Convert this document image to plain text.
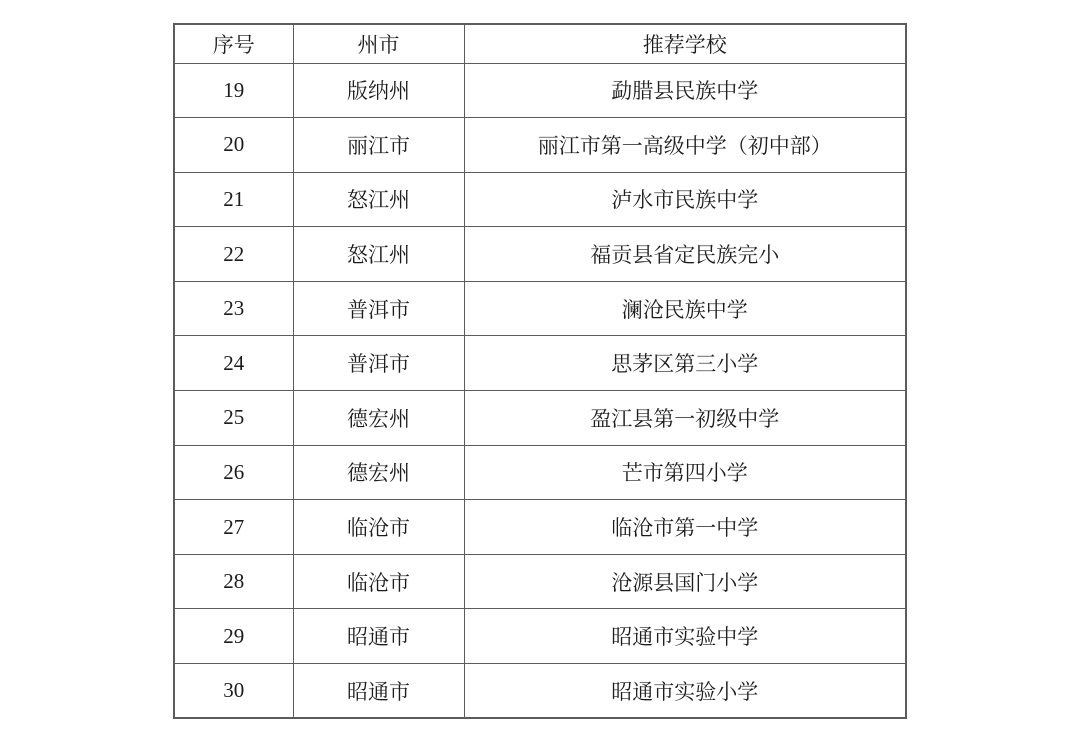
序号	州市	推荐学校
19	版纳州	勐腊县民族中学
20	丽江市	丽江市第一高级中学（初中部）
21	怒江州	泸水市民族中学
22	怒江州	福贡县省定民族完小
23	普洱市	澜沧民族中学
24	普洱市	思茅区第三小学
25	德宏州	盈江县第一初级中学
26	德宏州	芒市第四小学
27	临沧市	临沧市第一中学
28	临沧市	沧源县国门小学
29	昭通市	昭通市实验中学
30	昭通市	昭通市实验小学
